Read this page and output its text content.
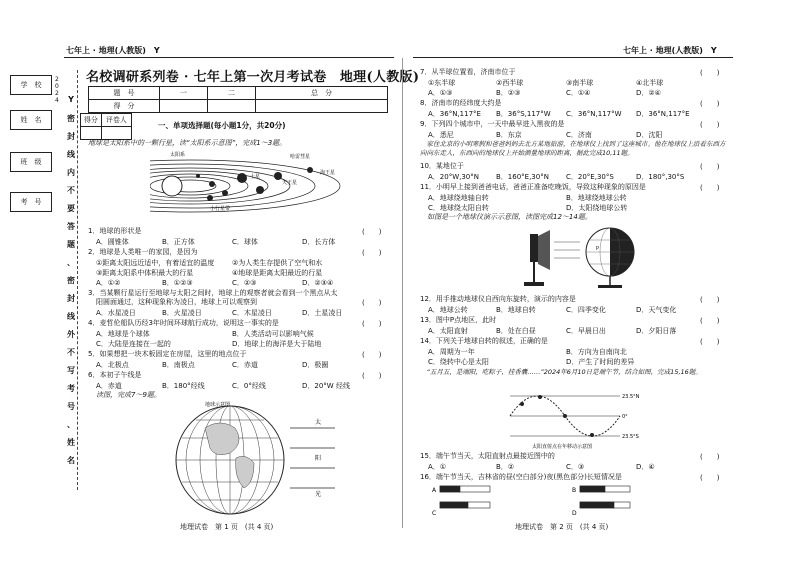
七年上 · 地理(人教版)　Y	七年上 · 地理(人教版)　Y
学　校
姓　名
班　级
考　号
2024 Y
密
封
线
内
不
要
答
题
、
密
封
线
外
不
写
考
号
、
姓
名
名校调研系列卷 · 七年上第一次月考试卷　地理(人教版)
题　号	一	二	总　分
得　分			
得分	评卷人

一、单项选择题(每小题1分，共20分)
地球是太阳系中的一颗行星，读“太阳系示意图”，完成1～3题。
太阳系	哈雷彗星
海王星
天王星
土星
小行星带
1．地球的形状是	(　　)
A．圆锥体	B．正方体	C．球体	D．长方体
2．地球是人类唯一的家园，是因为	(　　)
①距离太阳远近适中，有着适宜的温度	②为人类生存提供了空气和水
③距离太阳系中体积最大的行星	④地球是距离太阳最近的行星
A．①②	B．①②③	C．②③	D．②③④
3．当某颗行星运行至地球与太阳之间时，地球上的观察者就会看到一个黑点从太
阳圆面通过，这种现象称为凌日，地球上可以观察到	(　　)
A．水星凌日	B．火星凌日	C．木星凌日	D．土星凌日
4．麦哲伦船队历经3年时间环球航行成功，说明这一事实的是	(　　)
A．地球是个球体	B．人类活动可以影响气候
C．大陆是连接在一起的	D．地球上的海洋是大于陆地
5．如果想把一块木板固定在房屋，这里的地点位于	(　　)
A．北极点	B．南极点	C．赤道	D．极圈
6．本初子午线是	(　　)
A．赤道	B．180°经线	C．0°经线	D．20°W 经线
读图，完成7～9题。
地球示意图
太
阳
光
地理试卷　第 1 页　(共 4 页)
7．从半球位置看，济南市位于	(　　)
①东半球	②西半球	③南半球	④北半球
A．①③	B．②③	C．①④	D．②④
8．济南市的经纬度大约是	(　　)
A．36°N,117°E B．36°S,117°W C．36°N,117°W D．36°N,117°E
9．下列四个城市中，一天中最早进入黑夜的是	(　　)
A．悉尼	B．东京	C．济南	D．沈阳
　家住北京的小明寒假和爸爸妈妈去北方某地旅游，在地球仪上找到了这座城市。他在地球仪上沿着东西方向向东走人，东西向的地球仪上开始测量地球的距离，据此完成10,11题。
10．某地位于	(　　)
A．20°W,30°N B．160°E,30°N C．20°E,30°S	D．180°,30°S
11．小明早上接到爸爸电话，爸爸正准备吃晚饭，导致这种现象的原因是	(　　)
A．地球绕地轴自转	B．地球绕地球公转
C．地球绕太阳自转	D．太阳绕地球公转
　如图是一个地球仪演示示意图，读图完成12～14题。
P
12．用手推动地球仪自西向东旋转，演示的内容是	(　　)
A．地球公转	B．地球自转	C．四季变化	D．天气变化
13．图中P点地区，此时	(　　)
A．太阳直射	B．处在白昼	C．早晨日出	D．夕阳日落
14．下列关于地球自转的叙述，正确的是	(　　)
A．周期为一年	B．方向为自南向北
C．绕转中心是太阳	D．产生了时间的差异
　“五月五，是端阳，吃粽子，挂香囊……”2024年6月10日是端午节，结合如图，完成15,16题。
23.5°N
0°
23.5°S
太阳直射点在年移动示意图
15．端午节当天，太阳直射点最接近图中的	(　　)
A．①	B．②	C．③	D．④
16．端午节当天，吉林省的昼(空白部分)夜(黑色部分)长短情况是	(　　)
A
C
B
D
地理试卷　第 2 页　(共 4 页)
